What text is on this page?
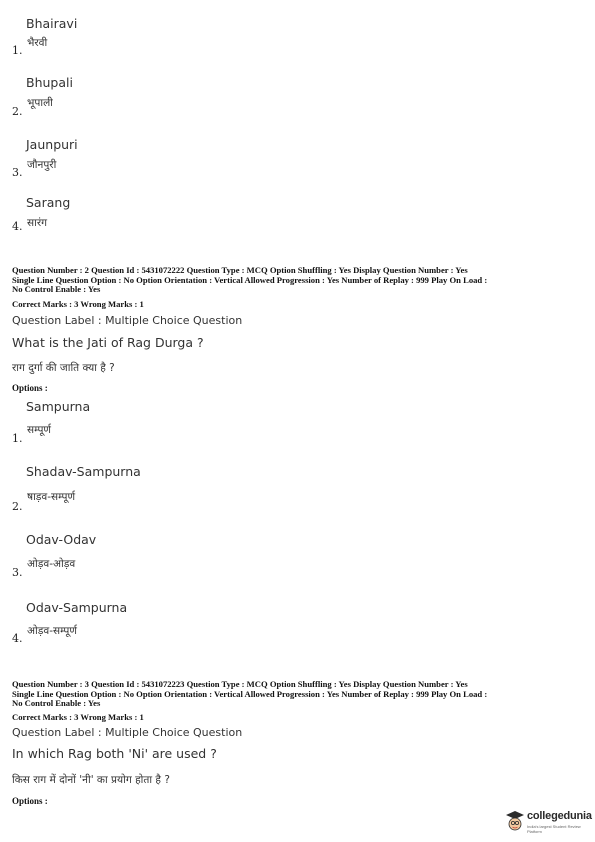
Bhairavi
1.
भैरवी
Bhupali
2.
भूपाली
Jaunpuri
3.
जौनपुरी
Sarang
4. सारंग
Question Number : 2 Question Id : 5431072222 Question Type : MCQ Option Shuffling : Yes Display Question Number : Yes
Single Line Question Option : No Option Orientation : Vertical Allowed Progression : Yes Number of Replay : 999 Play On Load :
No Control Enable : Yes
Correct Marks : 3 Wrong Marks : 1
Question Label : Multiple Choice Question
What is the Jati of Rag Durga ?
राग दुर्गा की जाति क्या है ?
Options :
Sampurna
1.
सम्पूर्ण
Shadav-Sampurna
2.
षाड़व-सम्पूर्ण
Odav-Odav
3.
ओड़व-ओड़व
Odav-Sampurna
4.
ओड़व-सम्पूर्ण
Question Number : 3 Question Id : 5431072223 Question Type : MCQ Option Shuffling : Yes Display Question Number : Yes
Single Line Question Option : No Option Orientation : Vertical Allowed Progression : Yes Number of Replay : 999 Play On Load :
No Control Enable : Yes
Correct Marks : 3 Wrong Marks : 1
Question Label : Multiple Choice Question
In which Rag both 'Ni' are used ?
किस राग में दोनों 'नी' का प्रयोग होता है ?
Options :
collegedunia
India's largest Student Review Platform
